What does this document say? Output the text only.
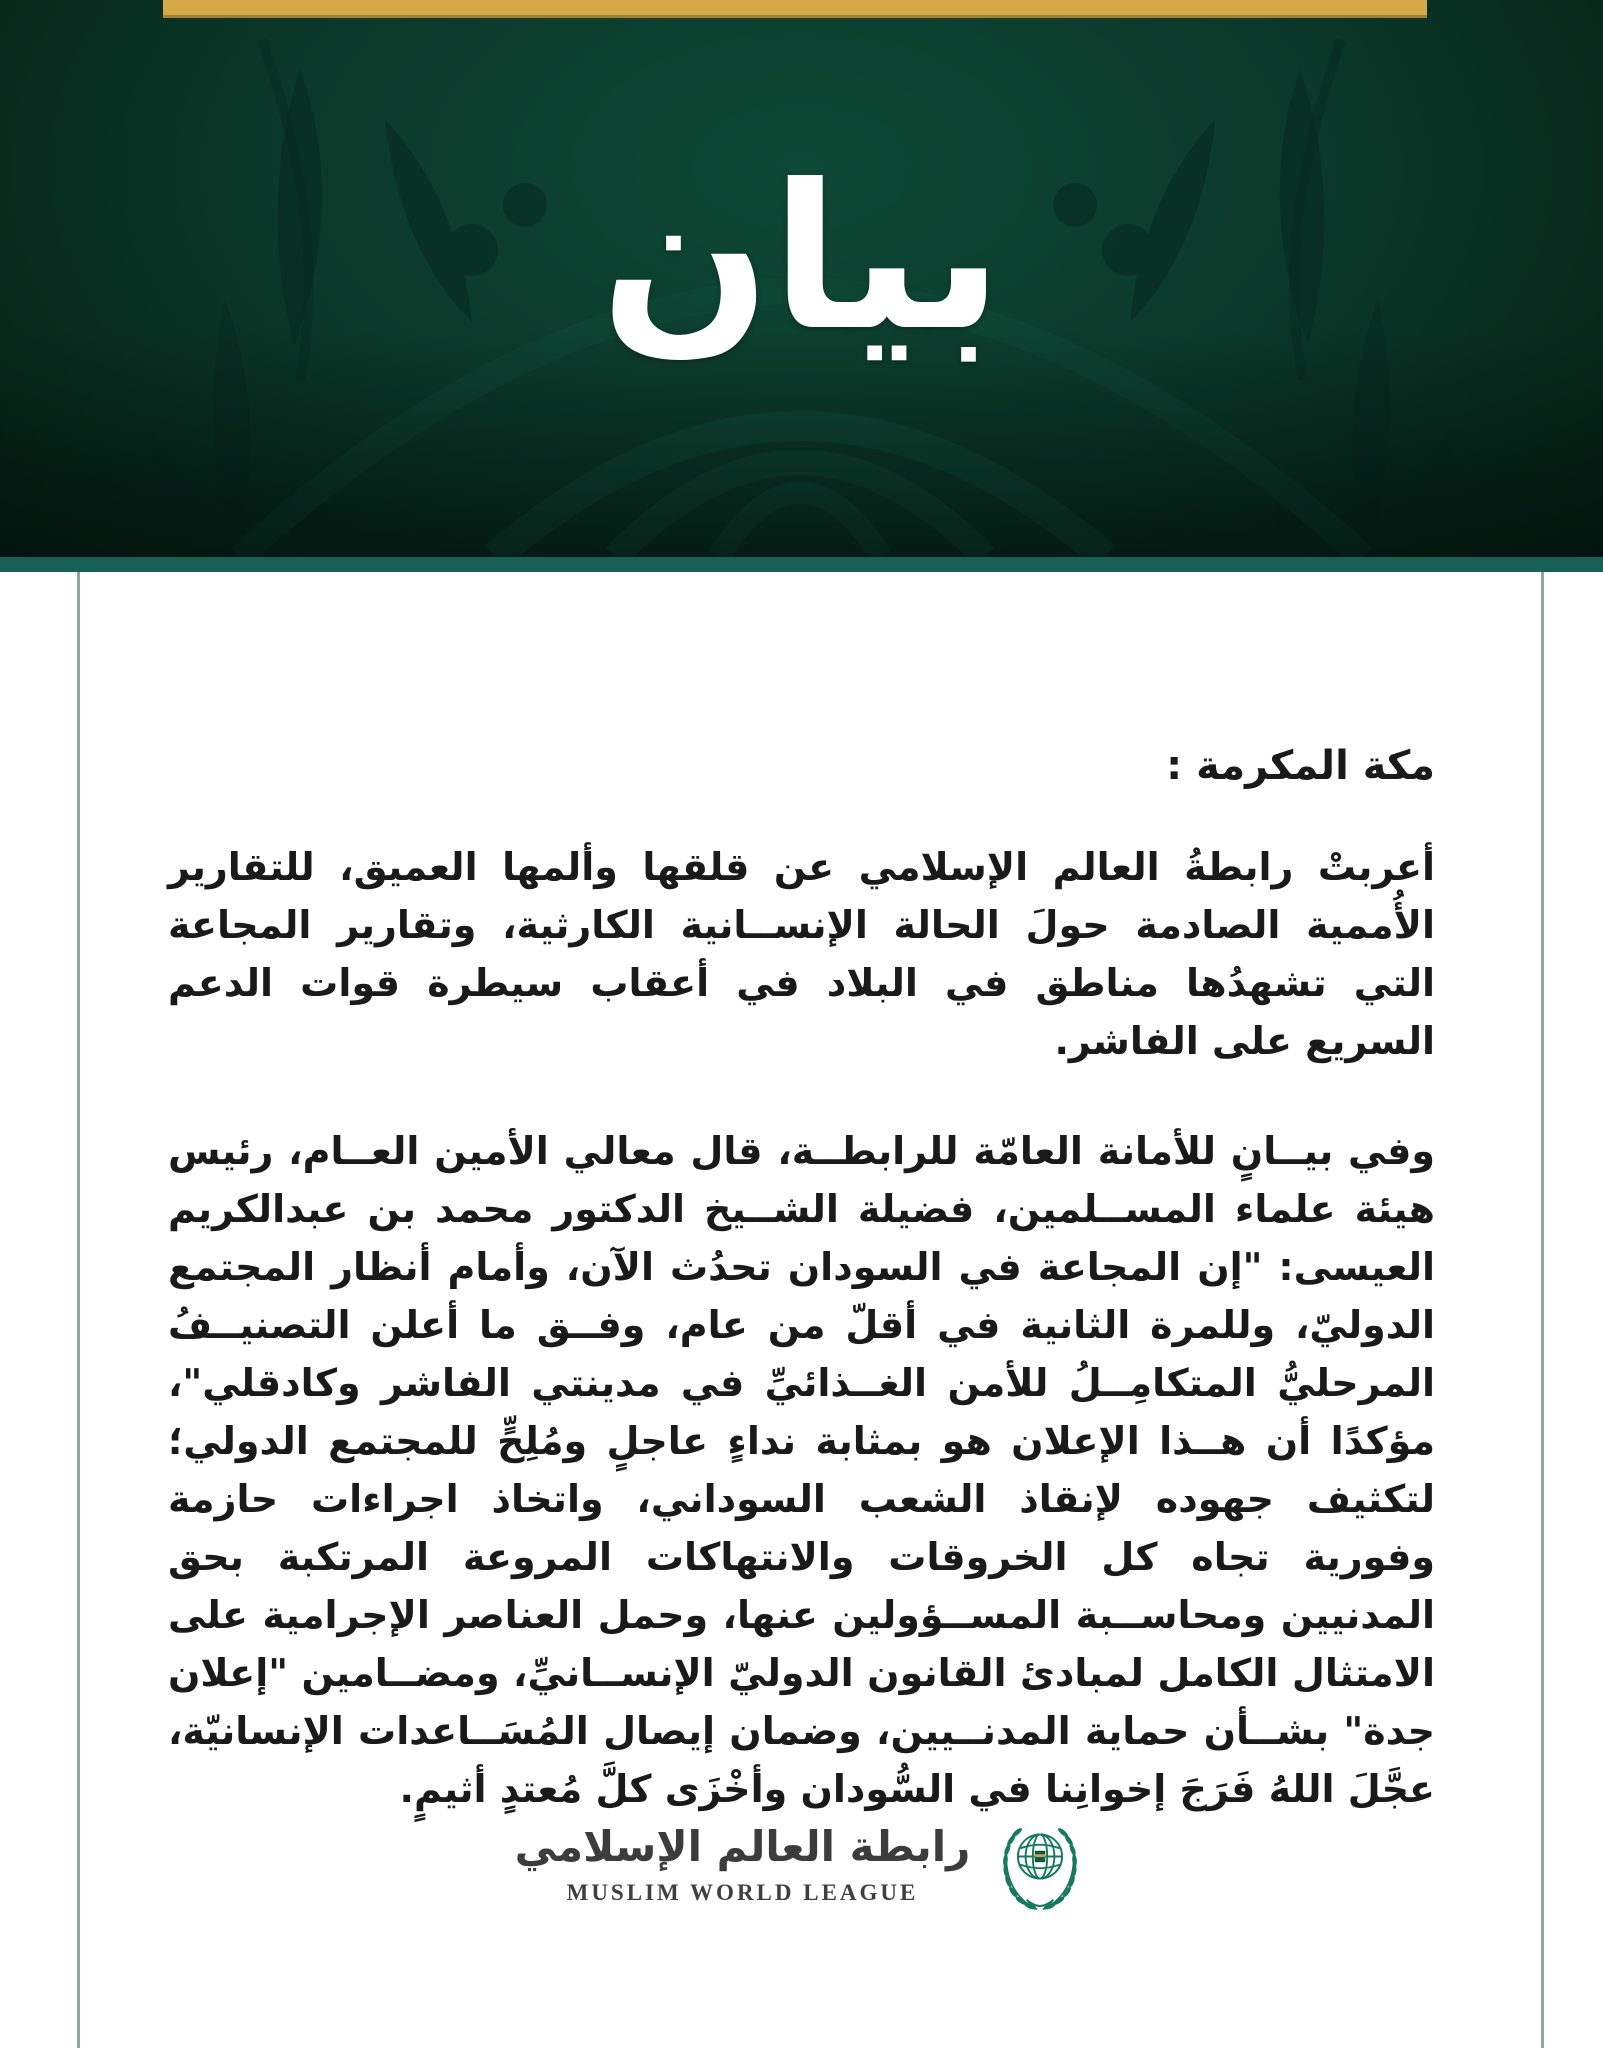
بيان
مكة المكرمة :

أعربتْ رابطةُ العالم الإسلامي عن قلقها وألمها العميق، للتقارير الأُممية الصادمة حولَ الحالة الإنســانية الكارثية، وتقارير المجاعة التي تشهدُها مناطق في البلاد في أعقاب سيطرة قوات الدعم السريع على الفاشر.

وفي بيــانٍ للأمانة العامّة للرابطــة، قال معالي الأمين العــام، رئيس هيئة علماء المســلمين، فضيلة الشــيخ الدكتور محمد بن عبدالكريم العيسى: "إن المجاعة في السودان تحدُث الآن، وأمام أنظار المجتمع الدوليّ، وللمرة الثانية في أقلّ من عام، وفــق ما أعلن التصنيــفُ المرحليُّ المتكامِــلُ للأمن الغــذائيِّ في مدينتي الفاشر وكادقلي"، مؤكدًا أن هــذا الإعلان هو بمثابة نداءٍ عاجلٍ ومُلِحٍّ للمجتمع الدولي؛ لتكثيف جهوده لإنقاذ الشعب السوداني، واتخاذ اجراءات حازمة وفورية تجاه كل الخروقات والانتهاكات المروعة المرتكبة بحق المدنيين ومحاســبة المســؤولين عنها، وحمل العناصر الإجرامية على الامتثال الكامل لمبادئ القانون الدوليّ الإنســانيِّ، ومضــامين "إعلان جدة" بشــأن حماية المدنــيين، وضمان إيصال المُسَــاعدات الإنسانيّة، عجَّلَ اللهُ فَرَجَ إخوانِنا في السُّودان وأخْزَى كلَّ مُعتدٍ أثيمٍ.

رابطة العالم الإسلامي
MUSLIM WORLD LEAGUE
